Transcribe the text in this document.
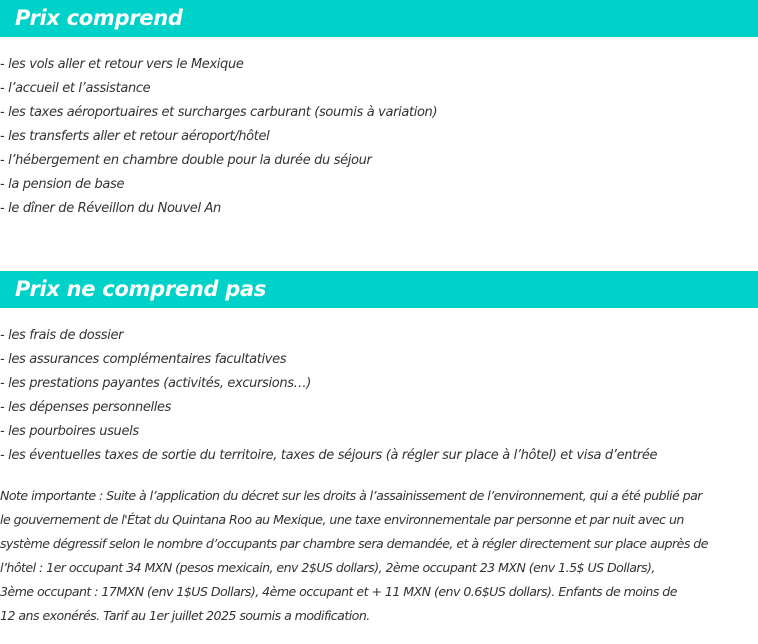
Prix comprend
- les vols aller et retour vers le Mexique
- l’accueil et l’assistance
- les taxes aéroportuaires et surcharges carburant (soumis à variation)
- les transferts aller et retour aéroport/hôtel
- l’hébergement en chambre double pour la durée du séjour
- la pension de base
- le dîner de Réveillon du Nouvel An
Prix ne comprend pas
- les frais de dossier
- les assurances complémentaires facultatives
- les prestations payantes (activités, excursions…)
- les dépenses personnelles
- les pourboires usuels
- les éventuelles taxes de sortie du territoire, taxes de séjours (à régler sur place à l’hôtel) et visa d’entrée

Note importante : Suite à l’application du décret sur les droits à l’assainissement de l’environnement, qui a été publié par
le gouvernement de l'État du Quintana Roo au Mexique, une taxe environnementale par personne et par nuit avec un
système dégressif selon le nombre d’occupants par chambre sera demandée, et à régler directement sur place auprès de
l’hôtel : 1er occupant 34 MXN (pesos mexicain, env 2$US dollars), 2ème occupant 23 MXN (env 1.5$ US Dollars),
3ème occupant : 17MXN (env 1$US Dollars), 4ème occupant et + 11 MXN (env 0.6$US dollars). Enfants de moins de
12 ans exonérés. Tarif au 1er juillet 2025 soumis a modification.
